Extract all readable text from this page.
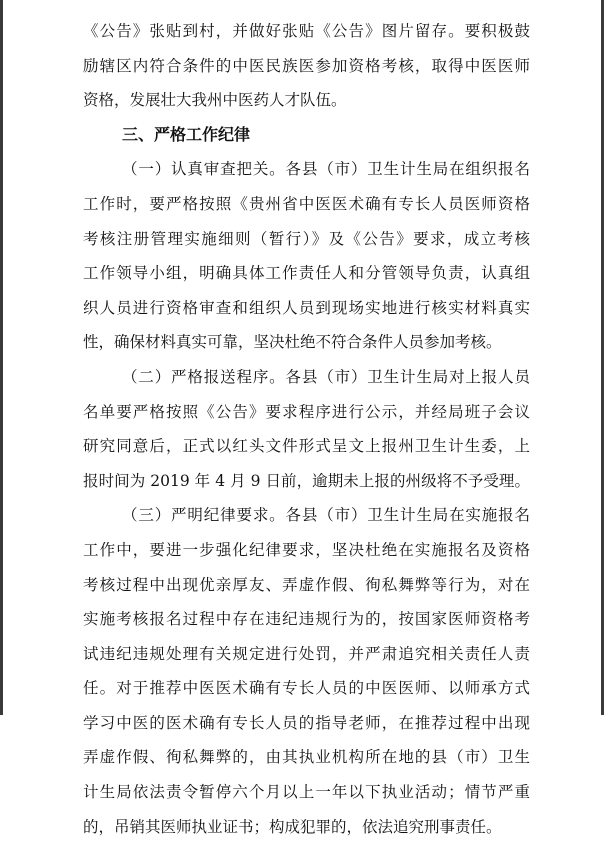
《公告》张贴到村，并做好张贴《公告》图片留存。要积极鼓
励辖区内符合条件的中医民族医参加资格考核，取得中医医师
资格，发展壮大我州中医药人才队伍。
三、严格工作纪律
（一）认真审查把关。各县（市）卫生计生局在组织报名
工作时，要严格按照《贵州省中医医术确有专长人员医师资格
考核注册管理实施细则（暂行）》及《公告》要求，成立考核
工作领导小组，明确具体工作责任人和分管领导负责，认真组
织人员进行资格审查和组织人员到现场实地进行核实材料真实
性，确保材料真实可靠，坚决杜绝不符合条件人员参加考核。
（二）严格报送程序。各县（市）卫生计生局对上报人员
名单要严格按照《公告》要求程序进行公示，并经局班子会议
研究同意后，正式以红头文件形式呈文上报州卫生计生委，上
报时间为 2019 年 4 月 9 日前，逾期未上报的州级将不予受理。
（三）严明纪律要求。各县（市）卫生计生局在实施报名
工作中，要进一步强化纪律要求，坚决杜绝在实施报名及资格
考核过程中出现优亲厚友、弄虚作假、徇私舞弊等行为，对在
实施考核报名过程中存在违纪违规行为的，按国家医师资格考
试违纪违规处理有关规定进行处罚，并严肃追究相关责任人责
任。对于推荐中医医术确有专长人员的中医医师、以师承方式
学习中医的医术确有专长人员的指导老师，在推荐过程中出现
弄虚作假、徇私舞弊的，由其执业机构所在地的县（市）卫生
计生局依法责令暂停六个月以上一年以下执业活动；情节严重
的，吊销其医师执业证书；构成犯罪的，依法追究刑事责任。
